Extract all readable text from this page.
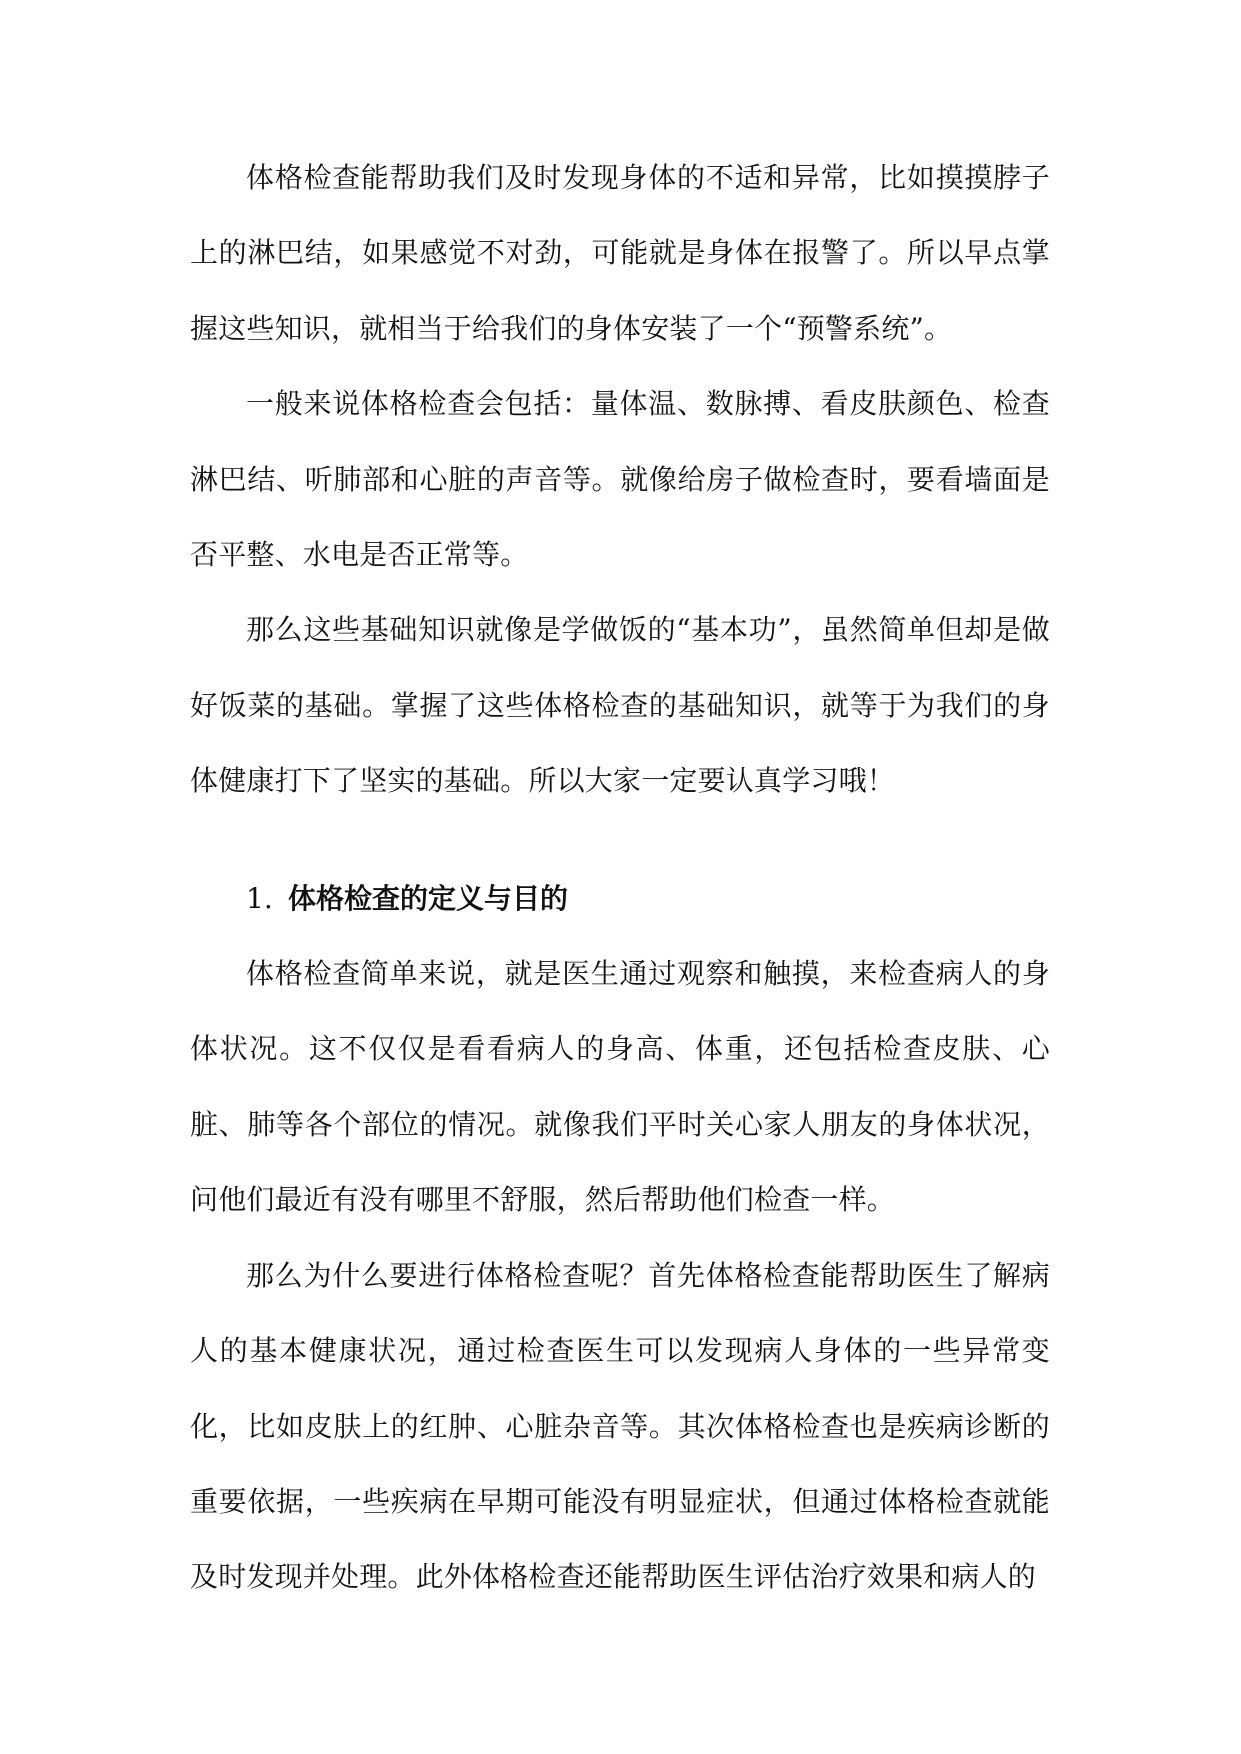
体格检查能帮助我们及时发现身体的不适和异常，比如摸摸脖子上的淋巴结，如果感觉不对劲，可能就是身体在报警了。所以早点掌握这些知识，就相当于给我们的身体安装了一个“预警系统”。

一般来说体格检查会包括：量体温、数脉搏、看皮肤颜色、检查淋巴结、听肺部和心脏的声音等。就像给房子做检查时，要看墙面是否平整、水电是否正常等。

那么这些基础知识就像是学做饭的“基本功”，虽然简单但却是做好饭菜的基础。掌握了这些体格检查的基础知识，就等于为我们的身体健康打下了坚实的基础。所以大家一定要认真学习哦！

1. 体格检查的定义与目的

体格检查简单来说，就是医生通过观察和触摸，来检查病人的身体状况。这不仅仅是看看病人的身高、体重，还包括检查皮肤、心脏、肺等各个部位的情况。就像我们平时关心家人朋友的身体状况，问他们最近有没有哪里不舒服，然后帮助他们检查一样。

那么为什么要进行体格检查呢？首先体格检查能帮助医生了解病人的基本健康状况，通过检查医生可以发现病人身体的一些异常变化，比如皮肤上的红肿、心脏杂音等。其次体格检查也是疾病诊断的重要依据，一些疾病在早期可能没有明显症状，但通过体格检查就能及时发现并处理。此外体格检查还能帮助医生评估治疗效果和病人的
